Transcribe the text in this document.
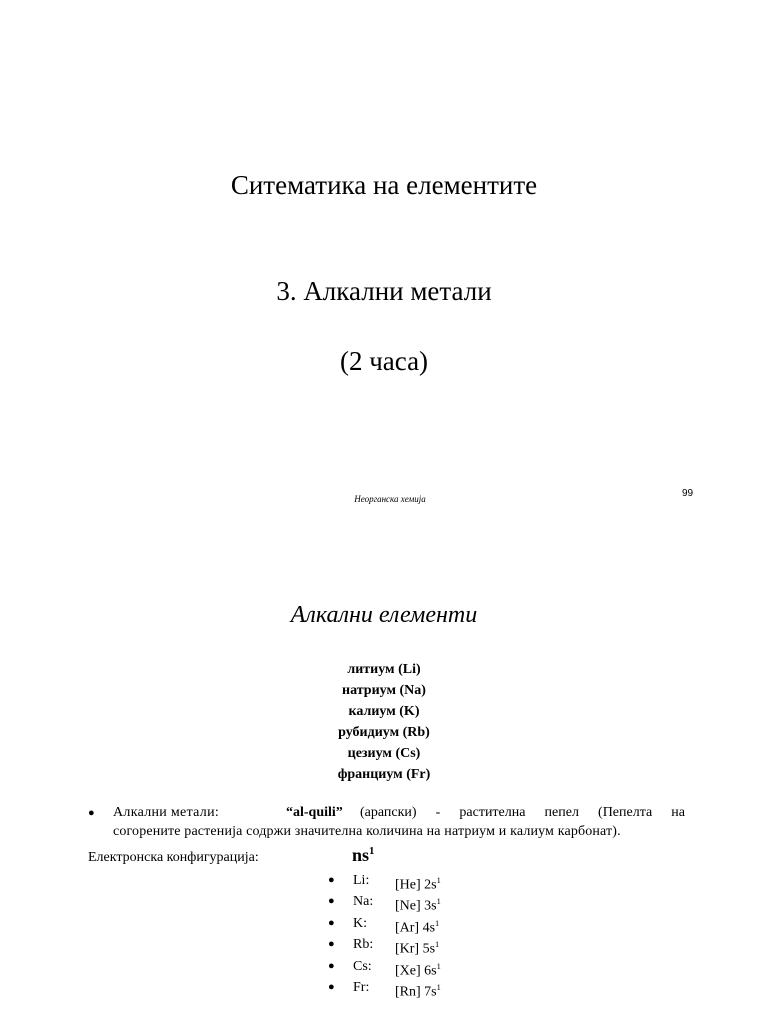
Ситематика на елементите
3. Алкални метали
(2 часа)
Неорганска хемија	99
Алкални елементи
литиум (Li)
натриум (Na)
калиум (K)
рубидиум (Rb)
цезиум (Cs)
франциум (Fr)
●	Алкални метали:	“al-quili” (арапски) - растителна пепел (Пепелта на
согорените растенија содржи значителна количина на натриум и калиум карбонат).
Електронска конфигурација:	$ns^1$
● Li: [He] $2s^1$
● Na: [Ne] $3s^1$
● K: [Ar] $4s^1$
● Rb: [Kr] $5s^1$
● Cs: [Xe] $6s^1$
● Fr: [Rn] $7s^1$
